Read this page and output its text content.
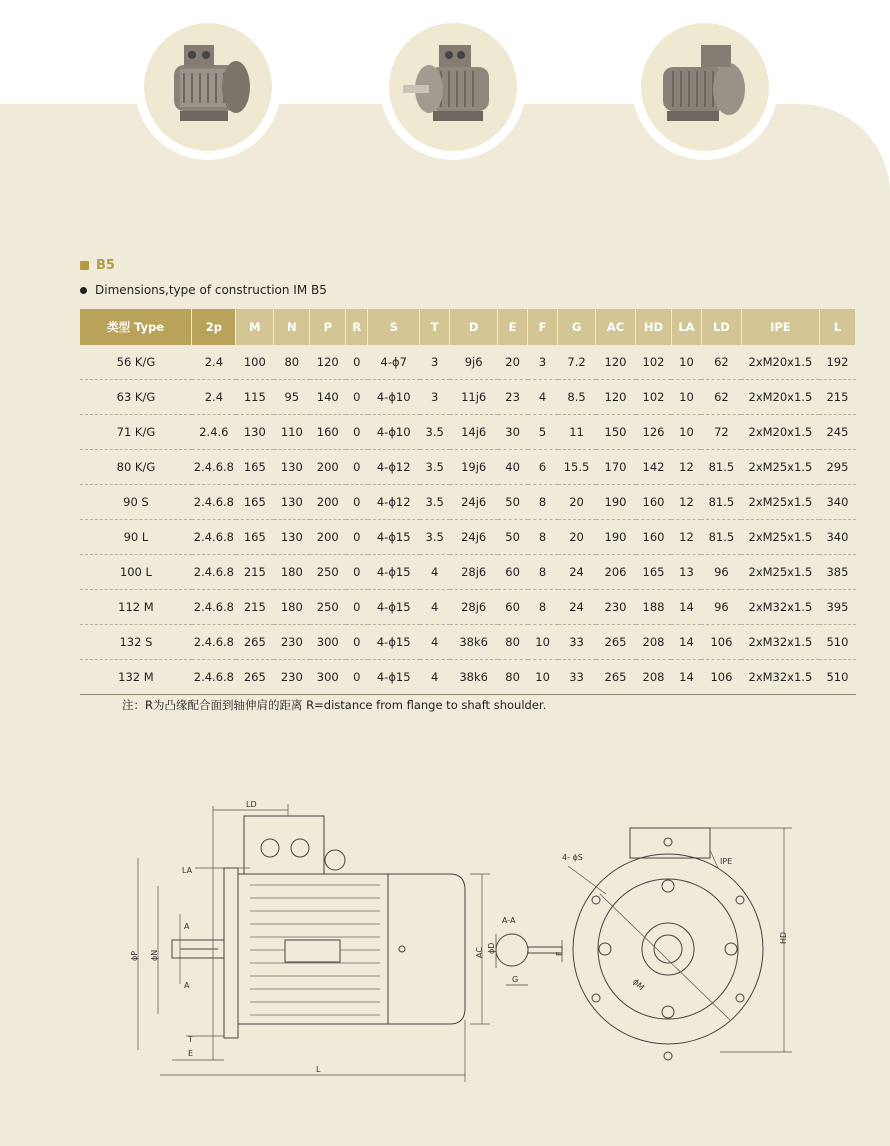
B5
Dimensions,type of construction IM B5
类型 Type	2p	M	N	P	R	S	T	D	E	F	G	AC	HD	LA	LD	IPE	L
56 K/G	2.4	100	80	120	0	4-ϕ7	3	9j6	20	3	7.2	120	102	10	62	2xM20x1.5	192
63 K/G	2.4	115	95	140	0	4-ϕ10	3	11j6	23	4	8.5	120	102	10	62	2xM20x1.5	215
71 K/G	2.4.6	130	110	160	0	4-ϕ10	3.5	14j6	30	5	11	150	126	10	72	2xM20x1.5	245
80 K/G	2.4.6.8	165	130	200	0	4-ϕ12	3.5	19j6	40	6	15.5	170	142	12	81.5	2xM25x1.5	295
90 S	2.4.6.8	165	130	200	0	4-ϕ12	3.5	24j6	50	8	20	190	160	12	81.5	2xM25x1.5	340
90 L	2.4.6.8	165	130	200	0	4-ϕ15	3.5	24j6	50	8	20	190	160	12	81.5	2xM25x1.5	340
100 L	2.4.6.8	215	180	250	0	4-ϕ15	4	28j6	60	8	24	206	165	13	96	2xM25x1.5	385
112 M	2.4.6.8	215	180	250	0	4-ϕ15	4	28j6	60	8	24	230	188	14	96	2xM32x1.5	395
132 S	2.4.6.8	265	230	300	0	4-ϕ15	4	38k6	80	10	33	265	208	14	106	2xM32x1.5	510
132 M	2.4.6.8	265	230	300	0	4-ϕ15	4	38k6	80	10	33	265	208	14	106	2xM32x1.5	510
注：R为凸缘配合面到轴伸肩的距离 R=distance from flange to shaft shoulder.
LD
LA
A
A
ϕP ϕN
T
E
L
AC
A-A
ϕD
G
F
4- ϕS	IPE
HD
ϕM
